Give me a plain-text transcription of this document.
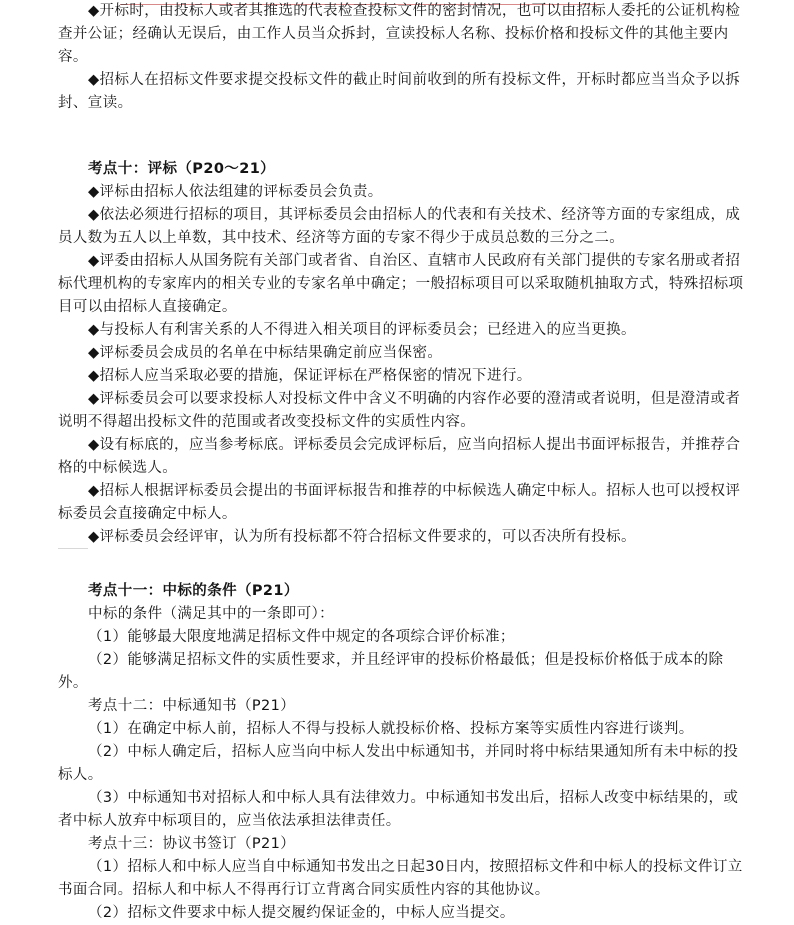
◆开标时，由投标人或者其推选的代表检查投标文件的密封情况，也可以由招标人委托的公证机构检查并公证；经确认无误后，由工作人员当众拆封，宣读投标人名称、投标价格和投标文件的其他主要内容。

◆招标人在招标文件要求提交投标文件的截止时间前收到的所有投标文件，开标时都应当当众予以拆封、宣读。

考点十：评标（P20～21）

◆评标由招标人依法组建的评标委员会负责。

◆依法必须进行招标的项目，其评标委员会由招标人的代表和有关技术、经济等方面的专家组成，成员人数为五人以上单数，其中技术、经济等方面的专家不得少于成员总数的三分之二。

◆评委由招标人从国务院有关部门或者省、自治区、直辖市人民政府有关部门提供的专家名册或者招标代理机构的专家库内的相关专业的专家名单中确定；一般招标项目可以采取随机抽取方式，特殊招标项目可以由招标人直接确定。

◆与投标人有利害关系的人不得进入相关项目的评标委员会；已经进入的应当更换。

◆评标委员会成员的名单在中标结果确定前应当保密。

◆招标人应当采取必要的措施，保证评标在严格保密的情况下进行。

◆评标委员会可以要求投标人对投标文件中含义不明确的内容作必要的澄清或者说明，但是澄清或者说明不得超出投标文件的范围或者改变投标文件的实质性内容。

◆设有标底的，应当参考标底。评标委员会完成评标后，应当向招标人提出书面评标报告，并推荐合格的中标候选人。

◆招标人根据评标委员会提出的书面评标报告和推荐的中标候选人确定中标人。招标人也可以授权评标委员会直接确定中标人。

◆评标委员会经评审，认为所有投标都不符合招标文件要求的，可以否决所有投标。

考点十一：中标的条件（P21）

中标的条件（满足其中的一条即可）：

（1）能够最大限度地满足招标文件中规定的各项综合评价标准；

（2）能够满足招标文件的实质性要求，并且经评审的投标价格最低；但是投标价格低于成本的除外。

考点十二：中标通知书（P21）

（1）在确定中标人前，招标人不得与投标人就投标价格、投标方案等实质性内容进行谈判。

（2）中标人确定后，招标人应当向中标人发出中标通知书，并同时将中标结果通知所有未中标的投标人。

（3）中标通知书对招标人和中标人具有法律效力。中标通知书发出后，招标人改变中标结果的，或者中标人放弃中标项目的，应当依法承担法律责任。

考点十三：协议书签订（P21）

（1）招标人和中标人应当自中标通知书发出之日起30日内，按照招标文件和中标人的投标文件订立书面合同。招标人和中标人不得再行订立背离合同实质性内容的其他协议。

（2）招标文件要求中标人提交履约保证金的，中标人应当提交。
